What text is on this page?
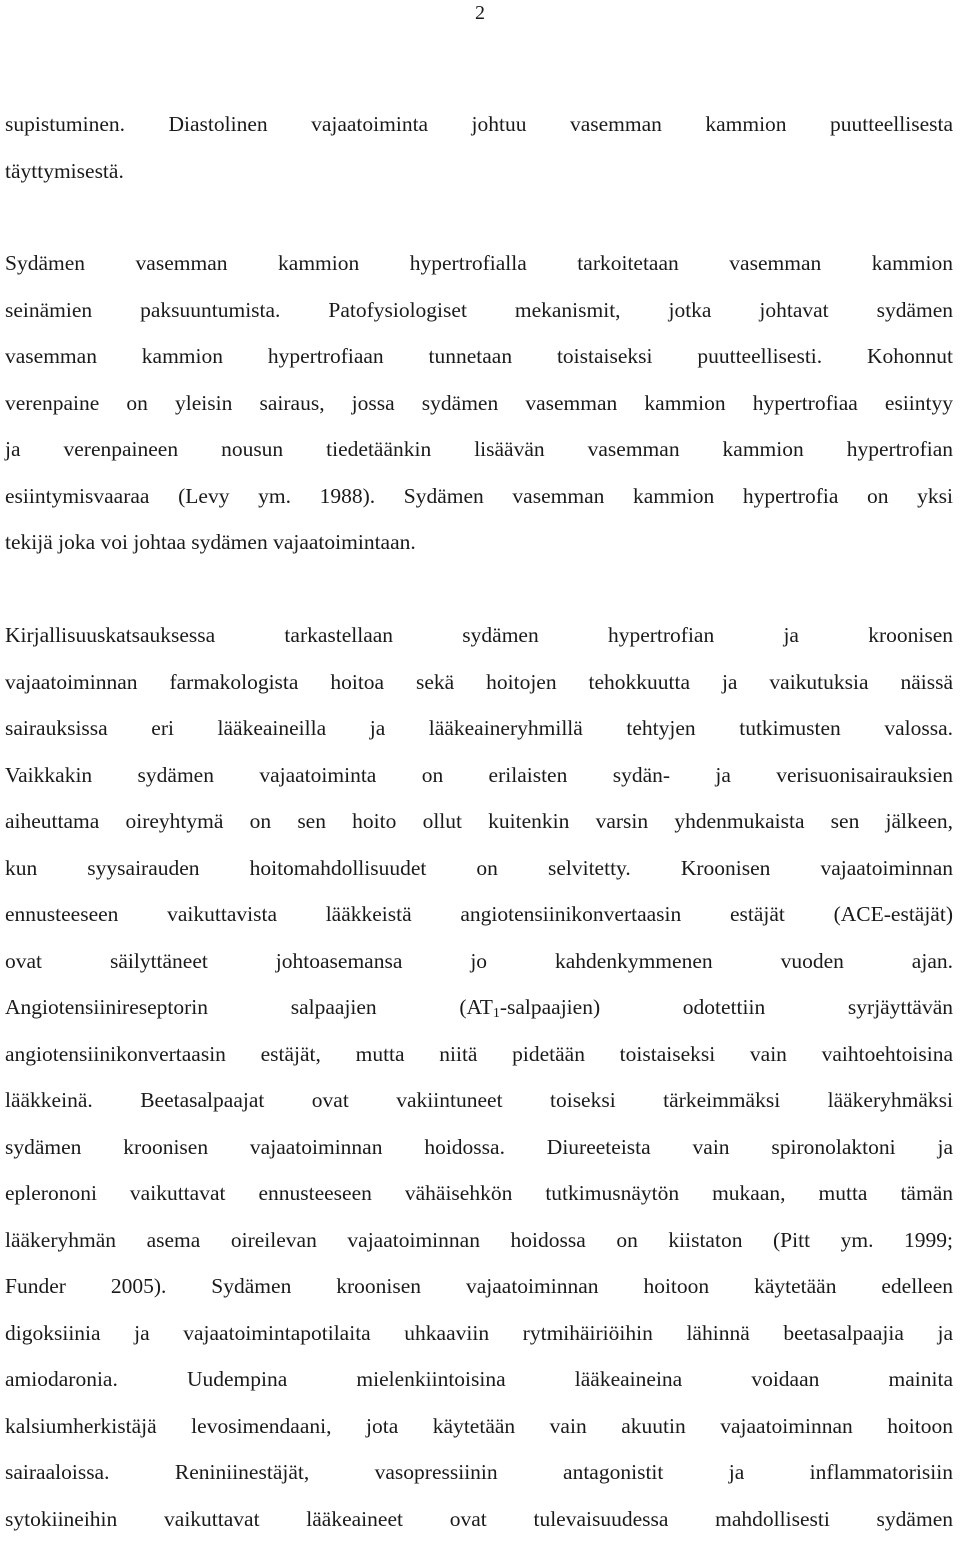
2
supistuminen. Diastolinen vajaatoiminta johtuu vasemman kammion puutteellisesta
täyttymisestä.
Sydämen vasemman kammion hypertrofialla tarkoitetaan vasemman kammion
seinämien paksuuntumista. Patofysiologiset mekanismit, jotka johtavat sydämen
vasemman kammion hypertrofiaan tunnetaan toistaiseksi puutteellisesti. Kohonnut
verenpaine on yleisin sairaus, jossa sydämen vasemman kammion hypertrofiaa esiintyy
ja verenpaineen nousun tiedetäänkin lisäävän vasemman kammion hypertrofian
esiintymisvaaraa (Levy ym. 1988). Sydämen vasemman kammion hypertrofia on yksi
tekijä joka voi johtaa sydämen vajaatoimintaan.
Kirjallisuuskatsauksessa tarkastellaan sydämen hypertrofian ja kroonisen
vajaatoiminnan farmakologista hoitoa sekä hoitojen tehokkuutta ja vaikutuksia näissä
sairauksissa eri lääkeaineilla ja lääkeaineryhmillä tehtyjen tutkimusten valossa.
Vaikkakin sydämen vajaatoiminta on erilaisten sydän- ja verisuonisairauksien
aiheuttama oireyhtymä on sen hoito ollut kuitenkin varsin yhdenmukaista sen jälkeen,
kun syysairauden hoitomahdollisuudet on selvitetty. Kroonisen vajaatoiminnan
ennusteeseen vaikuttavista lääkkeistä angiotensiinikonvertaasin estäjät (ACE-estäjät)
ovat säilyttäneet johtoasemansa jo kahdenkymmenen vuoden ajan.
Angiotensiinireseptorin salpaajien $(AT_1-salpaajien)$ odotettiin syrjäyttävän
angiotensiinikonvertaasin estäjät, mutta niitä pidetään toistaiseksi vain vaihtoehtoisina
lääkkeinä. Beetasalpaajat ovat vakiintuneet toiseksi tärkeimmäksi lääkeryhmäksi
sydämen kroonisen vajaatoiminnan hoidossa. Diureeteista vain spironolaktoni ja
eplerononi vaikuttavat ennusteeseen vähäisehkön tutkimusnäytön mukaan, mutta tämän
lääkeryhmän asema oireilevan vajaatoiminnan hoidossa on kiistaton (Pitt ym. 1999;
Funder 2005). Sydämen kroonisen vajaatoiminnan hoitoon käytetään edelleen
digoksiinia ja vajaatoimintapotilaita uhkaaviin rytmihäiriöihin lähinnä beetasalpaajia ja
amiodaronia. Uudempina mielenkiintoisina lääkeaineina voidaan mainita
kalsiumherkistäjä levosimendaani, jota käytetään vain akuutin vajaatoiminnan hoitoon
sairaaloissa. Reniniinestäjät, vasopressiinin antagonistit ja inflammatorisiin
sytokiineihin vaikuttavat lääkeaineet ovat tulevaisuudessa mahdollisesti sydämen
